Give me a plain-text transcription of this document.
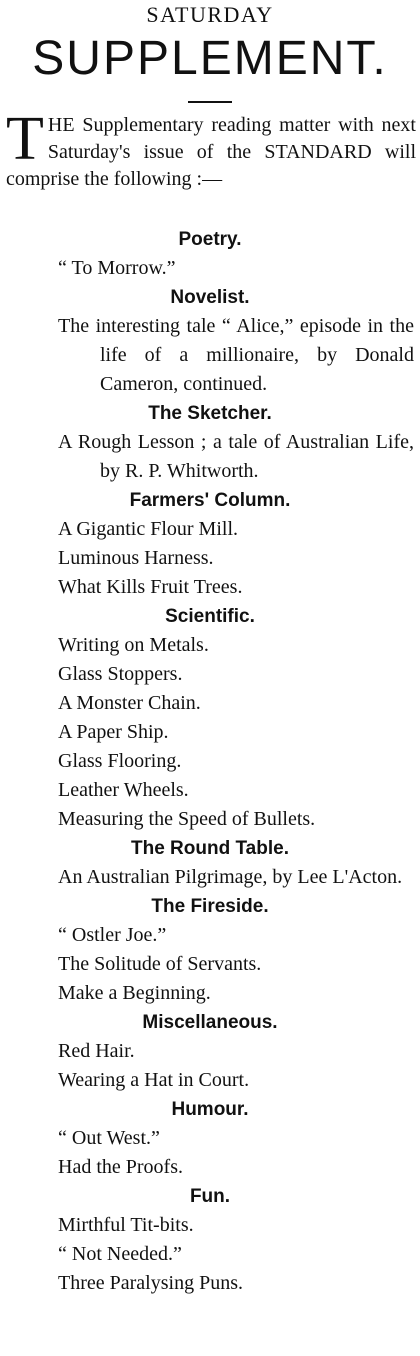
SATURDAY
SUPPLEMENT.
T HE Supplementary reading matter with next Saturday's issue of the STANDARD will comprise the following :—

Poetry.
“ To Morrow.”
Novelist.
The interesting tale “ Alice,” episode in the life of a millionaire, by Donald Cameron, continued.
The Sketcher.
A Rough Lesson ; a tale of Australian Life, by R. P. Whitworth.
Farmers' Column.
A Gigantic Flour Mill.
Luminous Harness.
What Kills Fruit Trees.
Scientific.
Writing on Metals.
Glass Stoppers.
A Monster Chain.
A Paper Ship.
Glass Flooring.
Leather Wheels.
Measuring the Speed of Bullets.
The Round Table.
An Australian Pilgrimage, by Lee L'Acton.
The Fireside.
“ Ostler Joe.”
The Solitude of Servants.
Make a Beginning.
Miscellaneous.
Red Hair.
Wearing a Hat in Court.
Humour.
“ Out West.”
Had the Proofs.
Fun.
Mirthful Tit-bits.
“ Not Needed.”
Three Paralysing Puns.
